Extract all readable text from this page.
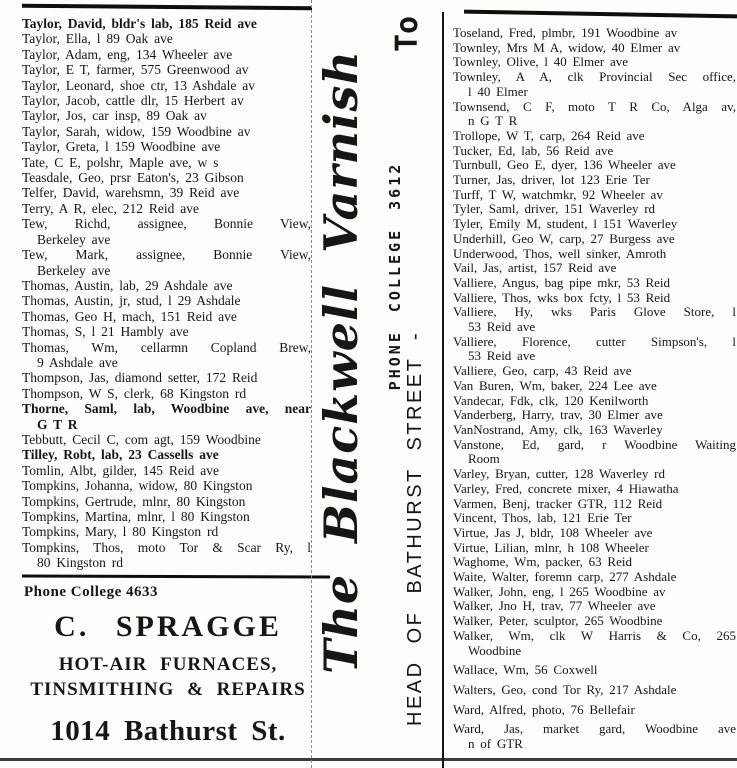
Taylor, David, bldr's lab, 185 Reid ave
Taylor, Ella, l 89 Oak ave
Taylor, Adam, eng, 134 Wheeler ave
Taylor, E T, farmer, 575 Greenwood av
Taylor, Leonard, shoe ctr, 13 Ashdale av
Taylor, Jacob, cattle dlr, 15 Herbert av
Taylor, Jos, car insp, 89 Oak av
Taylor, Sarah, widow, 159 Woodbine av
Taylor, Greta, l 159 Woodbine ave
Tate, C E, polshr, Maple ave, w s
Teasdale, Geo, prsr Eaton's, 23 Gibson
Telfer, David, warehsmn, 39 Reid ave
Terry, A R, elec, 212 Reid ave
Tew, Richd, assignee, Bonnie View,
Berkeley ave
Tew, Mark, assignee, Bonnie View,
Berkeley ave
Thomas, Austin, lab, 29 Ashdale ave
Thomas, Austin, jr, stud, l 29 Ashdale
Thomas, Geo H, mach, 151 Reid ave
Thomas, S, l 21 Hambly ave
Thomas, Wm, cellarmn Copland Brew,
9 Ashdale ave
Thompson, Jas, diamond setter, 172 Reid
Thompson, W S, clerk, 68 Kingston rd
Thorne, Saml, lab, Woodbine ave, near
G T R
Tebbutt, Cecil C, com agt, 159 Woodbine
Tilley, Robt, lab, 23 Cassells ave
Tomlin, Albt, gilder, 145 Reid ave
Tompkins, Johanna, widow, 80 Kingston
Tompkins, Gertrude, mlnr, 80 Kingston
Tompkins, Martina, mlnr, l 80 Kingston
Tompkins, Mary, l 80 Kingston rd
Tompkins, Thos, moto Tor & Scar Ry, l
80 Kingston rd
Toseland, Fred, plmbr, 191 Woodbine av
Townley, Mrs M A, widow, 40 Elmer av
Townley, Olive, l 40 Elmer ave
Townley, A A, clk Provincial Sec office,
l 40 Elmer
Townsend, C F, moto T R Co, Alga av,
n G T R
Trollope, W T, carp, 264 Reid ave
Tucker, Ed, lab, 56 Reid ave
Turnbull, Geo E, dyer, 136 Wheeler ave
Turner, Jas, driver, lot 123 Erie Ter
Turff, T W, watchmkr, 92 Wheeler av
Tyler, Saml, driver, 151 Waverley rd
Tyler, Emily M, student, l 151 Waverley
Underhill, Geo W, carp, 27 Burgess ave
Underwood, Thos, well sinker, Amroth
Vail, Jas, artist, 157 Reid ave
Valliere, Angus, bag pipe mkr, 53 Reid
Valliere, Thos, wks box fcty, l 53 Reid
Valliere, Hy, wks Paris Glove Store, l
53 Reid ave
Valliere, Florence, cutter Simpson's, l
53 Reid ave
Valliere, Geo, carp, 43 Reid ave
Van Buren, Wm, baker, 224 Lee ave
Vandecar, Fdk, clk, 120 Kenilworth
Vanderberg, Harry, trav, 30 Elmer ave
VanNostrand, Amy, clk, 163 Waverley
Vanstone, Ed, gard, r Woodbine Waiting
Room
Varley, Bryan, cutter, 128 Waverley rd
Varley, Fred, concrete mixer, 4 Hiawatha
Varmen, Benj, tracker GTR, 112 Reid
Vincent, Thos, lab, 121 Erie Ter
Virtue, Jas J, bldr, 108 Wheeler ave
Virtue, Lilian, mlnr, h 108 Wheeler
Waghome, Wm, packer, 63 Reid
Waite, Walter, foremn carp, 277 Ashdale
Walker, John, eng, l 265 Woodbine av
Walker, Jno H, trav, 77 Wheeler ave
Walker, Peter, sculptor, 265 Woodbine
Walker, Wm, clk W Harris & Co, 265
Woodbine
Wallace, Wm, 56 Coxwell
Walters, Geo, cond Tor Ry, 217 Ashdale
Ward, Alfred, photo, 76 Bellefair
Ward, Jas, market gard, Woodbine ave
n of GTR
Phone College 4633
C. SPRAGGE
HOT-AIR FURNACES,
TINSMITHING & REPAIRS
1014 Bathurst St.
The Blackwell Varnish	PHONE COLLEGE 3612
HEAD OF BATHURST STREET -
To
